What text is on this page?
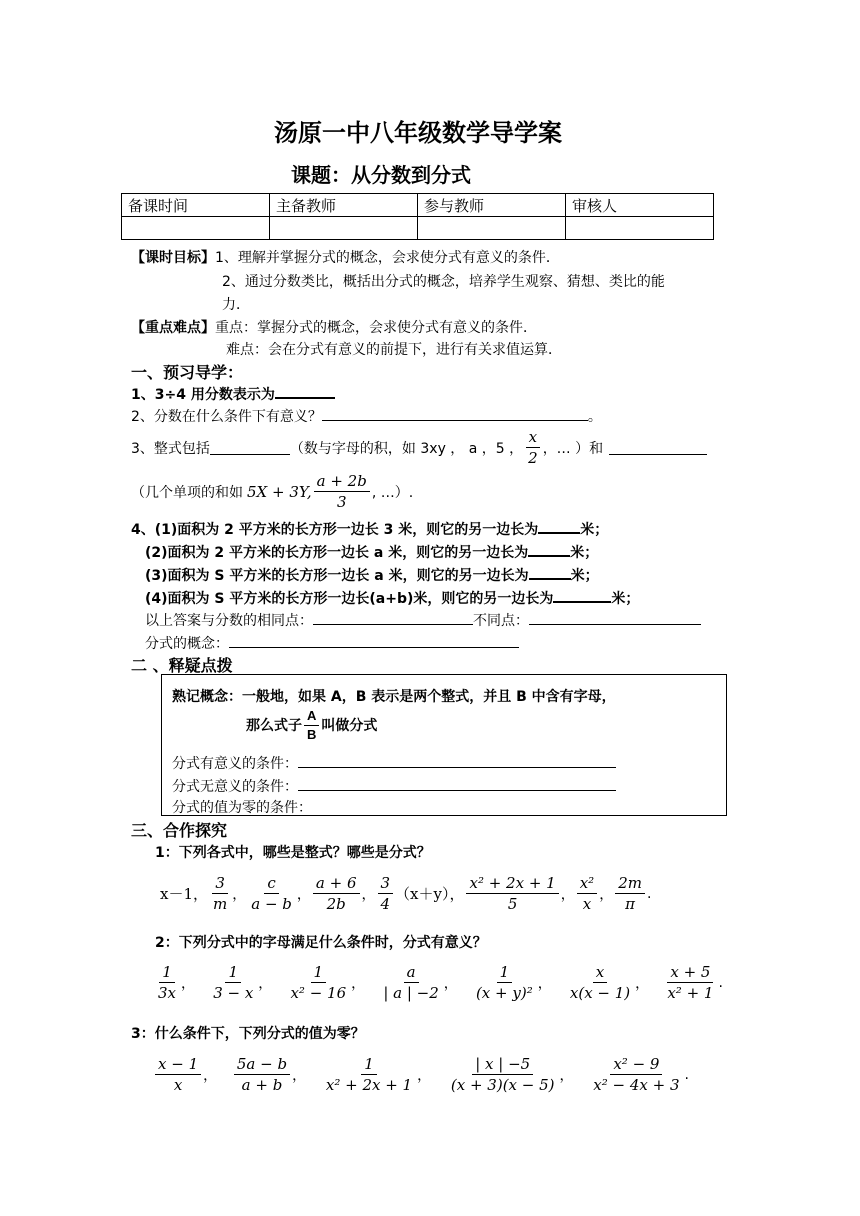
汤原一中八年级数学导学案
课题：从分数到分式
备课时间	主备教师	参与教师	审核人

【课时目标】1、理解并掌握分式的概念，会求使分式有意义的条件．
2、通过分数类比，概括出分式的概念，培养学生观察、猜想、类比的能
力．
【重点难点】重点：掌握分式的概念，会求使分式有意义的条件．
难点：会在分式有意义的前提下，进行有关求值运算．
一、预习导学：
1、3÷4 用分数表示为
2、分数在什么条件下有意义？	。
3、整式包括	（数与字母的积，如 3xy ， a ，5 ， $\frac{x}{2}$ ，… ）和
（几个单项的和如 5X + 3Y, $\frac{a + 2b}{3}$ , …）.
4、(1)面积为 2 平方米的长方形一边长 3 米，则它的另一边长为	米；
(2)面积为 2 平方米的长方形一边长 a 米，则它的另一边长为	米；
(3)面积为 S 平方米的长方形一边长 a 米，则它的另一边长为	米；
(4)面积为 S 平方米的长方形一边长(a+b)米，则它的另一边长为	米；
以上答案与分数的相同点：	不同点：
分式的概念：
二 、释疑点拨
熟记概念：一般地，如果 A，B 表示是两个整式，并且 B 中含有字母，
那么式子 $\frac{A}{B}$ 叫做分式
分式有意义的条件：
分式无意义的条件：
分式的值为零的条件：
三、合作探究
1：下列各式中，哪些是整式？哪些是分式？
x－1， $\frac{3}{m}$ ， $\frac{c}{a - b}$ ， $\frac{a + 6}{2b}$ ， $\frac{3}{4} (x+y)$， $\frac{\text{x² + 2x + 1}}{5}$ ， $\frac{\text{x²}}{x}$ ， $\frac{2m}{\pi}$ .
2：下列分式中的字母满足什么条件时，分式有意义？
$\frac{1}{3x}$ ， $\frac{1}{3 - x}$ ， $\frac{1}{\text{x² − 16}}$ ， $\frac{a}{| a | -2}$ ， $\frac{1}{\text{(x + y)²}}$ ， $\frac{x}{x(x - 1)}$ ， $\frac{x + 5}{\text{x² + 1}}$ .
3：什么条件下，下列分式的值为零？
$\frac{x - 1}{x}$ ， $\frac{5a - b}{a + b}$ ， $\frac{1}{\text{x² + 2x + 1}}$ ， $\frac{| x | -5}{(x + 3)(x - 5)}$ ， $\frac{\text{x² − 9}}{\text{x² − 4x + 3}}$ .
